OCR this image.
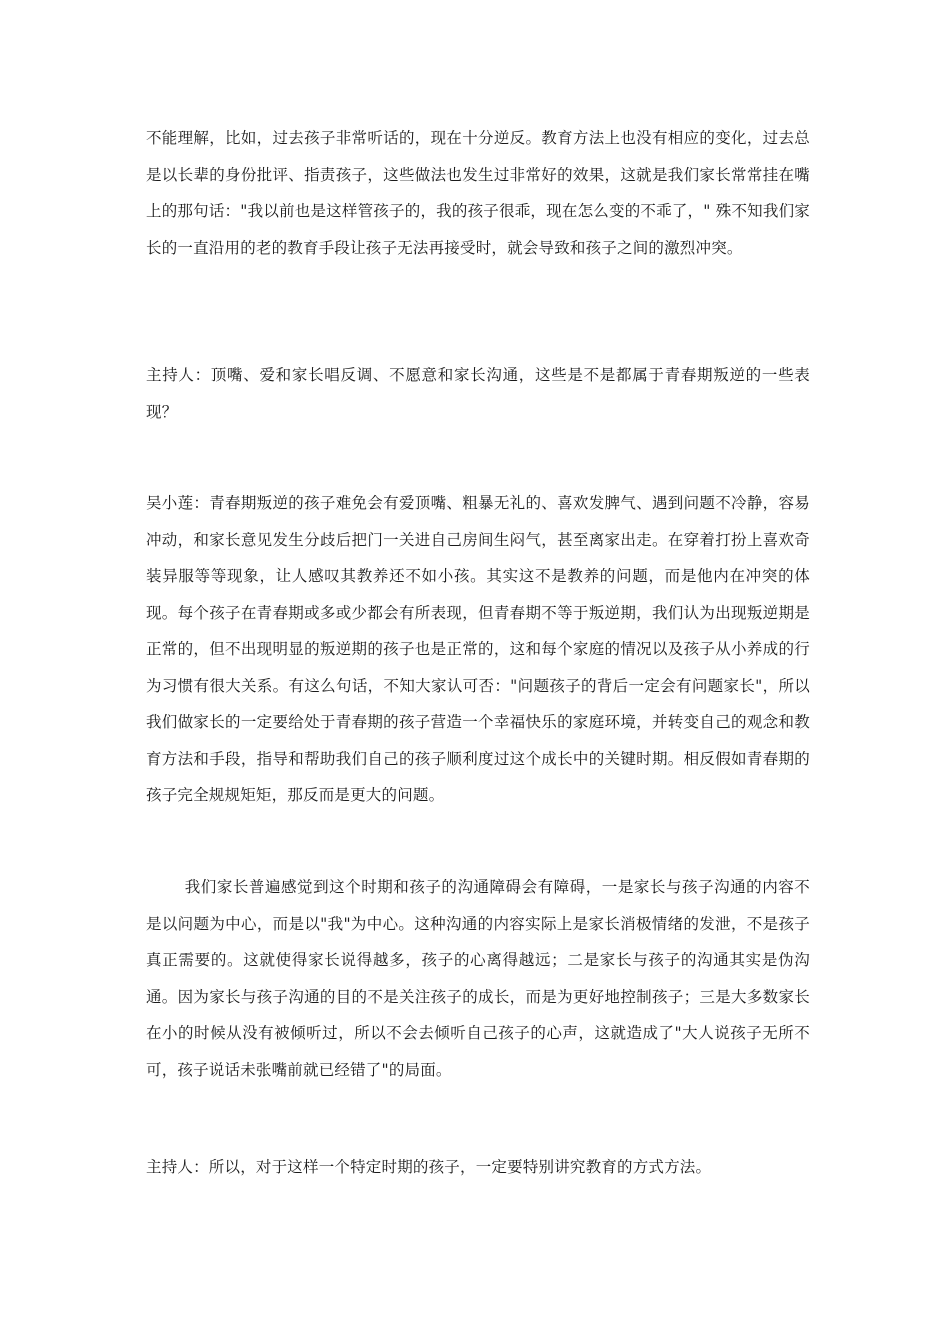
不能理解，比如，过去孩子非常听话的，现在十分逆反。教育方法上也没有相应的变化，过去总是以长辈的身份批评、指责孩子，这些做法也发生过非常好的效果，这就是我们家长常常挂在嘴上的那句话："我以前也是这样管孩子的，我的孩子很乖，现在怎么变的不乖了，" 殊不知我们家长的一直沿用的老的教育手段让孩子无法再接受时，就会导致和孩子之间的激烈冲突。

主持人：顶嘴、爱和家长唱反调、不愿意和家长沟通，这些是不是都属于青春期叛逆的一些表现？

吴小莲：青春期叛逆的孩子难免会有爱顶嘴、粗暴无礼的、喜欢发脾气、遇到问题不冷静，容易冲动，和家长意见发生分歧后把门一关进自己房间生闷气，甚至离家出走。在穿着打扮上喜欢奇装异服等等现象，让人感叹其教养还不如小孩。其实这不是教养的问题，而是他内在冲突的体现。每个孩子在青春期或多或少都会有所表现，但青春期不等于叛逆期，我们认为出现叛逆期是正常的，但不出现明显的叛逆期的孩子也是正常的，这和每个家庭的情况以及孩子从小养成的行为习惯有很大关系。有这么句话，不知大家认可否："问题孩子的背后一定会有问题家长"，所以我们做家长的一定要给处于青春期的孩子营造一个幸福快乐的家庭环境，并转变自己的观念和教育方法和手段，指导和帮助我们自己的孩子顺利度过这个成长中的关键时期。相反假如青春期的孩子完全规规矩矩，那反而是更大的问题。

我们家长普遍感觉到这个时期和孩子的沟通障碍会有障碍，一是家长与孩子沟通的内容不是以问题为中心，而是以"我"为中心。这种沟通的内容实际上是家长消极情绪的发泄，不是孩子真正需要的。这就使得家长说得越多，孩子的心离得越远；二是家长与孩子的沟通其实是伪沟通。因为家长与孩子沟通的目的不是关注孩子的成长，而是为更好地控制孩子；三是大多数家长在小的时候从没有被倾听过，所以不会去倾听自己孩子的心声，这就造成了"大人说孩子无所不可，孩子说话未张嘴前就已经错了"的局面。

主持人：所以，对于这样一个特定时期的孩子，一定要特别讲究教育的方式方法。
